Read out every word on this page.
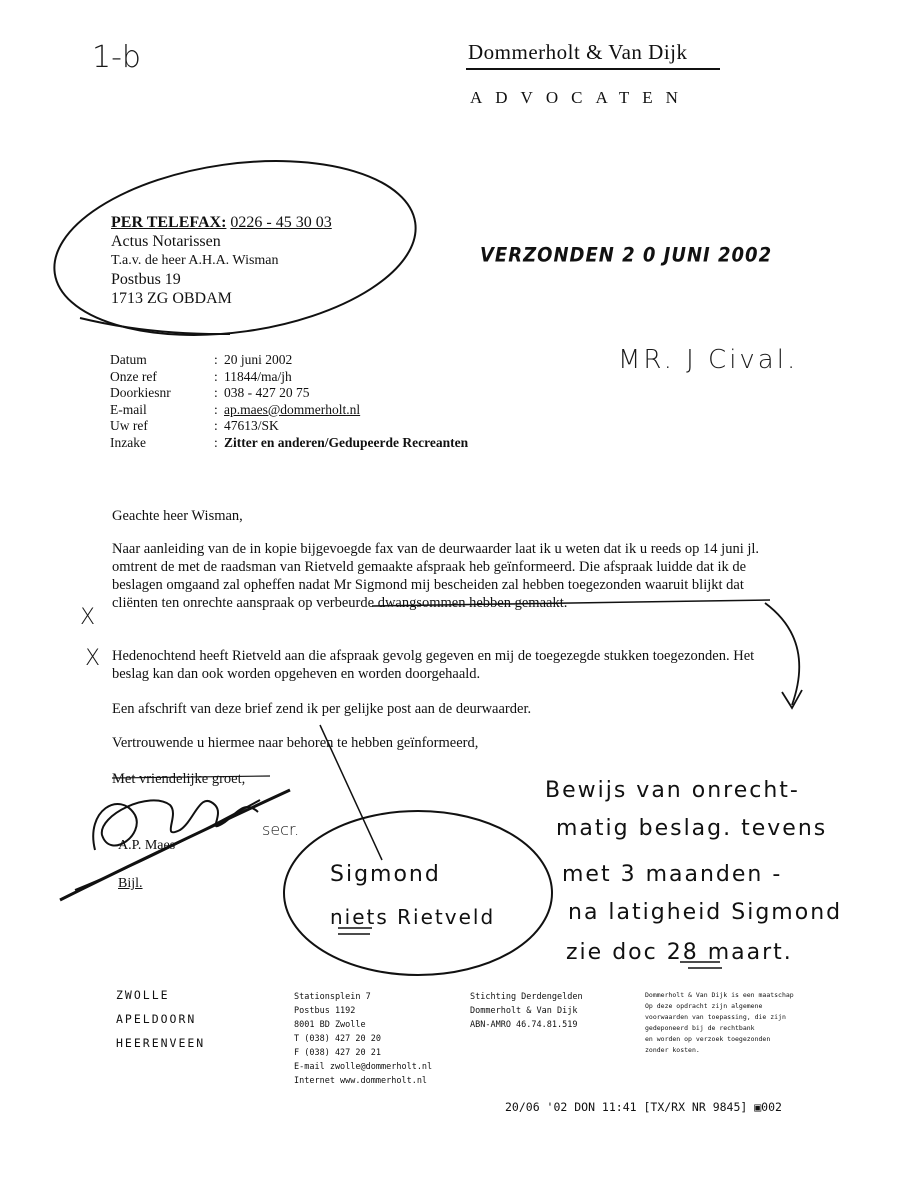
1-b	Dommerholt & Van Dijk
ADVOCATEN
PER TELEFAX: 0226 - 45 30 03
Actus Notarissen
T.a.v. de heer A.H.A. Wisman
Postbus 19
1713 ZG OBDAM
VERZONDEN 2 0 JUNI 2002
MR. J Cival.
Datum	: 20 juni 2002
Onze ref	: 11844/ma/jh
Doorkiesnr	: 038 - 427 20 75
E-mail	: ap.maes@dommerholt.nl
Uw ref	: 47613/SK
Inzake	: Zitter en anderen/Gedupeerde Recreanten
Geachte heer Wisman,

Naar aanleiding van de in kopie bijgevoegde fax van de deurwaarder laat ik u weten dat ik u reeds op 14 juni jl. omtrent de met de raadsman van Rietveld gemaakte afspraak heb geïnformeerd. Die afspraak luidde dat ik de beslagen omgaand zal opheffen nadat Mr Sigmond mij bescheiden zal hebben toegezonden waaruit blijkt dat cliënten ten onrechte aanspraak op verbeurde dwangsommen hebben gemaakt.

Hedenochtend heeft Rietveld aan die afspraak gevolg gegeven en mij de toegezegde stukken toegezonden. Het beslag kan dan ook worden opgeheven en worden doorgehaald.

Een afschrift van deze brief zend ik per gelijke post aan de deurwaarder.
Vertrouwende u hiermee naar behoren te hebben geïnformeerd,
Met vriendelijke groet,
A.P. Maes
Bijl.
secr.
X
X
Sigmond
niets Rietveld
Bewijs van onrecht-
matig beslag. tevens
met 3 maanden -
na latigheid Sigmond
zie doc 28 maart.
ZWOLLE
APELDOORN
HEERENVEEN
Stationsplein 7
Postbus 1192
8001 BD Zwolle
T (038) 427 20 20
F (038) 427 20 21
E-mail zwolle@dommerholt.nl
Internet www.dommerholt.nl
Stichting Derdengelden
Dommerholt & Van Dijk
ABN-AMRO 46.74.81.519
Dommerholt & Van Dijk is een maatschap
Op deze opdracht zijn algemene
voorwaarden van toepassing, die zijn
gedeponeerd bij de rechtbank
en worden op verzoek toegezonden
zonder kosten.
20/06 '02 DON 11:41 [TX/RX NR 9845] ▣002
